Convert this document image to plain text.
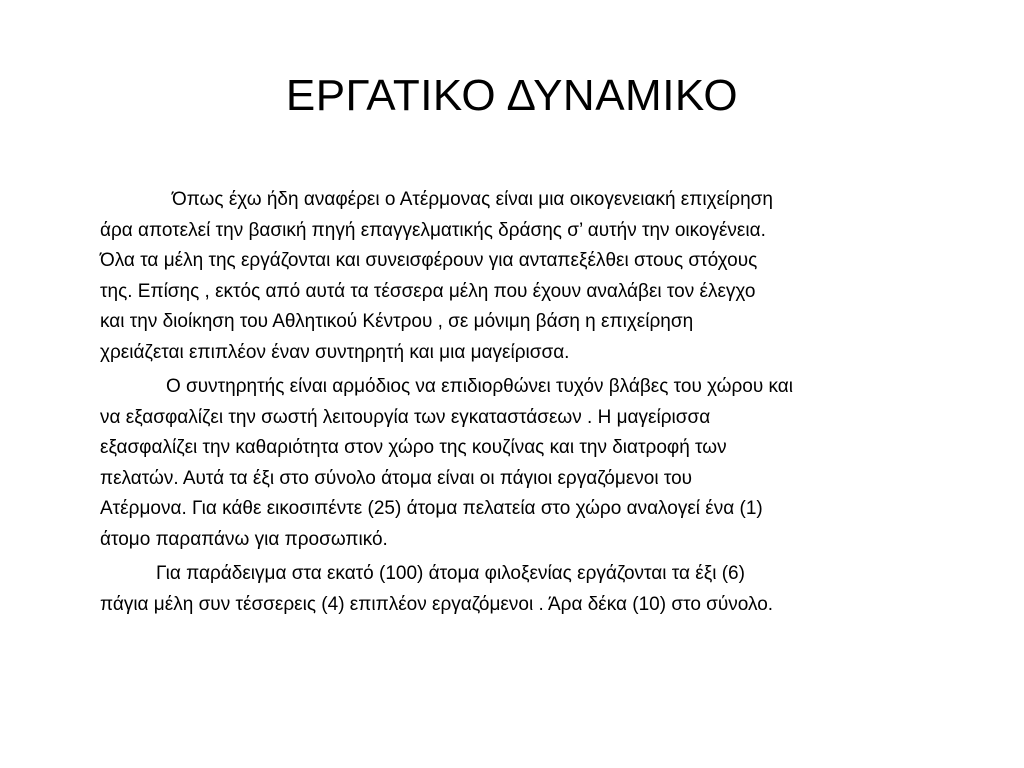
ΕΡΓΑΤΙΚΟ ΔΥΝΑΜΙΚΟ

Όπως έχω ήδη αναφέρει ο Ατέρμονας είναι μια οικογενειακή επιχείρηση
άρα αποτελεί την βασική πηγή επαγγελματικής δράσης σ’ αυτήν την οικογένεια.
Όλα τα μέλη της εργάζονται και συνεισφέρουν για ανταπεξέλθει στους στόχους
της. Επίσης , εκτός από αυτά τα τέσσερα μέλη που έχουν αναλάβει τον έλεγχο
και την διοίκηση του Αθλητικού Κέντρου , σε μόνιμη βάση η επιχείρηση
χρειάζεται επιπλέον έναν συντηρητή και μια μαγείρισσα.

Ο συντηρητής είναι αρμόδιος να επιδιορθώνει τυχόν βλάβες του χώρου και
να εξασφαλίζει την σωστή λειτουργία των εγκαταστάσεων . Η μαγείρισσα
εξασφαλίζει την καθαριότητα στον χώρο της κουζίνας και την διατροφή των
πελατών. Αυτά τα έξι στο σύνολο άτομα είναι οι πάγιοι εργαζόμενοι του
Ατέρμονα. Για κάθε εικοσιπέντε (25) άτομα πελατεία στο χώρο αναλογεί ένα (1)
άτομο παραπάνω για προσωπικό.

Για παράδειγμα στα εκατό (100) άτομα φιλοξενίας εργάζονται τα έξι (6)
πάγια μέλη συν τέσσερεις (4) επιπλέον εργαζόμενοι . Άρα δέκα (10) στο σύνολο.
